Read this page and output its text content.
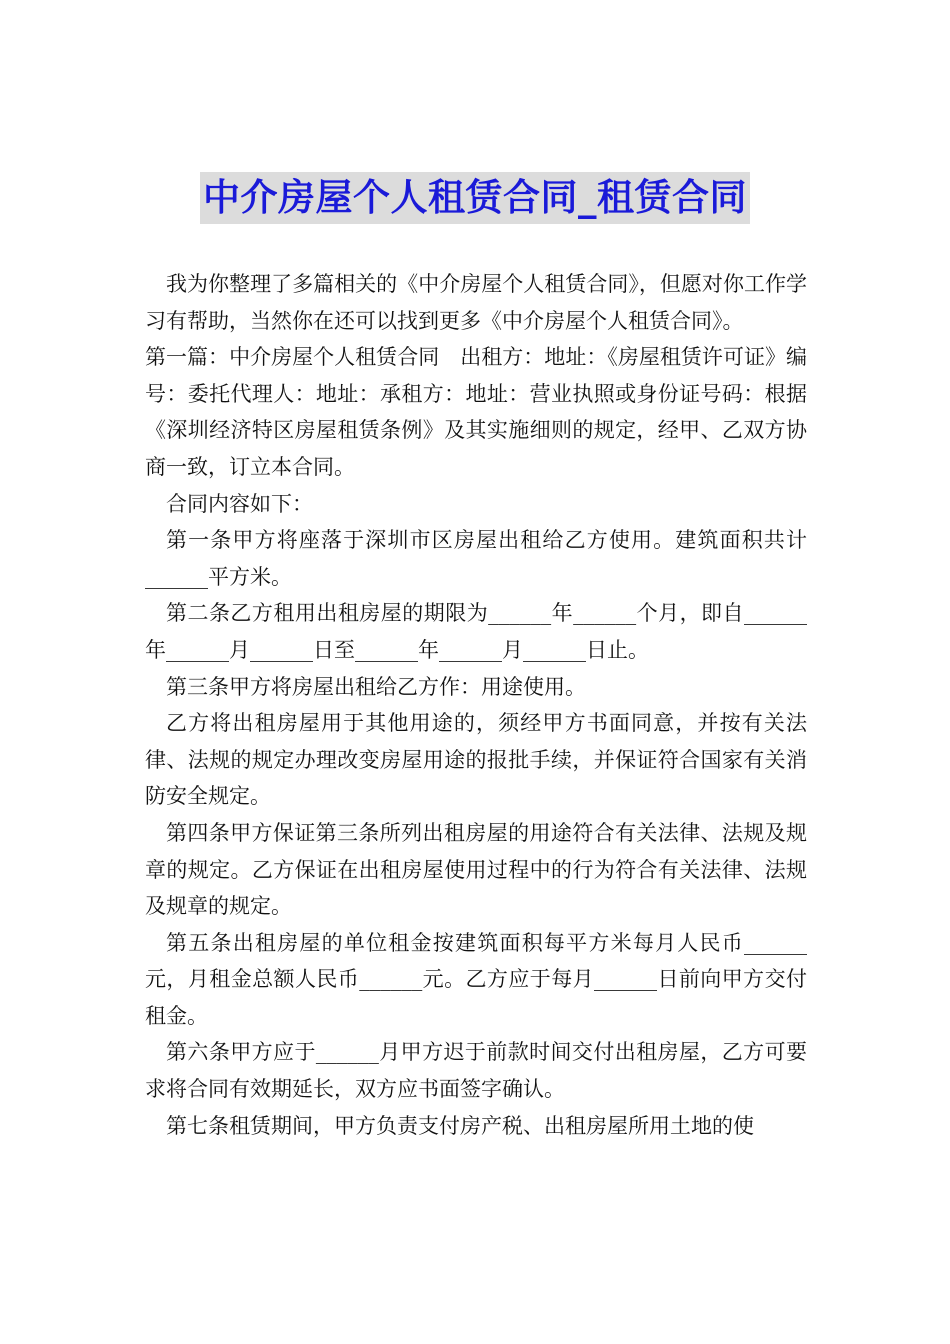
中介房屋个人租赁合同_租赁合同

我为你整理了多篇相关的《中介房屋个人租赁合同》，但愿对你工作学习有帮助，当然你在还可以找到更多《中介房屋个人租赁合同》。

第一篇：中介房屋个人租赁合同　出租方：地址：《房屋租赁许可证》编号：委托代理人：地址：承租方：地址：营业执照或身份证号码：根据《深圳经济特区房屋租赁条例》及其实施细则的规定，经甲、乙双方协商一致，订立本合同。

合同内容如下：

第一条甲方将座落于深圳市区房屋出租给乙方使用。建筑面积共计______平方米。

第二条乙方租用出租房屋的期限为______年______个月，即自______年______月______日至______年______月______日止。

第三条甲方将房屋出租给乙方作：用途使用。

乙方将出租房屋用于其他用途的，须经甲方书面同意，并按有关法律、法规的规定办理改变房屋用途的报批手续，并保证符合国家有关消防安全规定。

第四条甲方保证第三条所列出租房屋的用途符合有关法律、法规及规章的规定。乙方保证在出租房屋使用过程中的行为符合有关法律、法规及规章的规定。

第五条出租房屋的单位租金按建筑面积每平方米每月人民币______元，月租金总额人民币______元。乙方应于每月______日前向甲方交付租金。

第六条甲方应于______月甲方迟于前款时间交付出租房屋，乙方可要求将合同有效期延长，双方应书面签字确认。

第七条租赁期间，甲方负责支付房产税、出租房屋所用土地的使
